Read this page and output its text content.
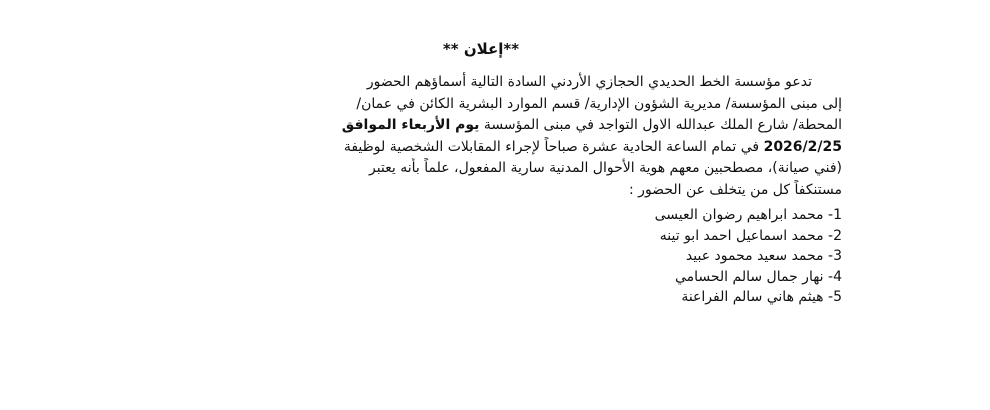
**إعلان **
تدعو مؤسسة الخط الحديدي الحجازي الأردني السادة التالية أسماؤهم الحضور
إلى مبنى المؤسسة/ مديرية الشؤون الإدارية/ قسم الموارد البشرية الكائن في عمان/
المحطة/ شارع الملك عبدالله الاول التواجد في مبنى المؤسسة يوم الأربعاء الموافق
2026/2/25 في تمام الساعة الحادية عشرة صباحاً لإجراء المقابلات الشخصية لوظيفة
(فني صيانة)، مصطحبين معهم هوية الأحوال المدنية سارية المفعول، علماً بأنه يعتبر
مستنكفاً كل من يتخلف عن الحضور :
1- محمد ابراهيم رضوان العيسى
2- محمد اسماعيل احمد ابو تينه
3- محمد سعيد محمود عبيد
4- نهار جمال سالم الحسامي
5- هيثم هاني سالم الفراعنة
